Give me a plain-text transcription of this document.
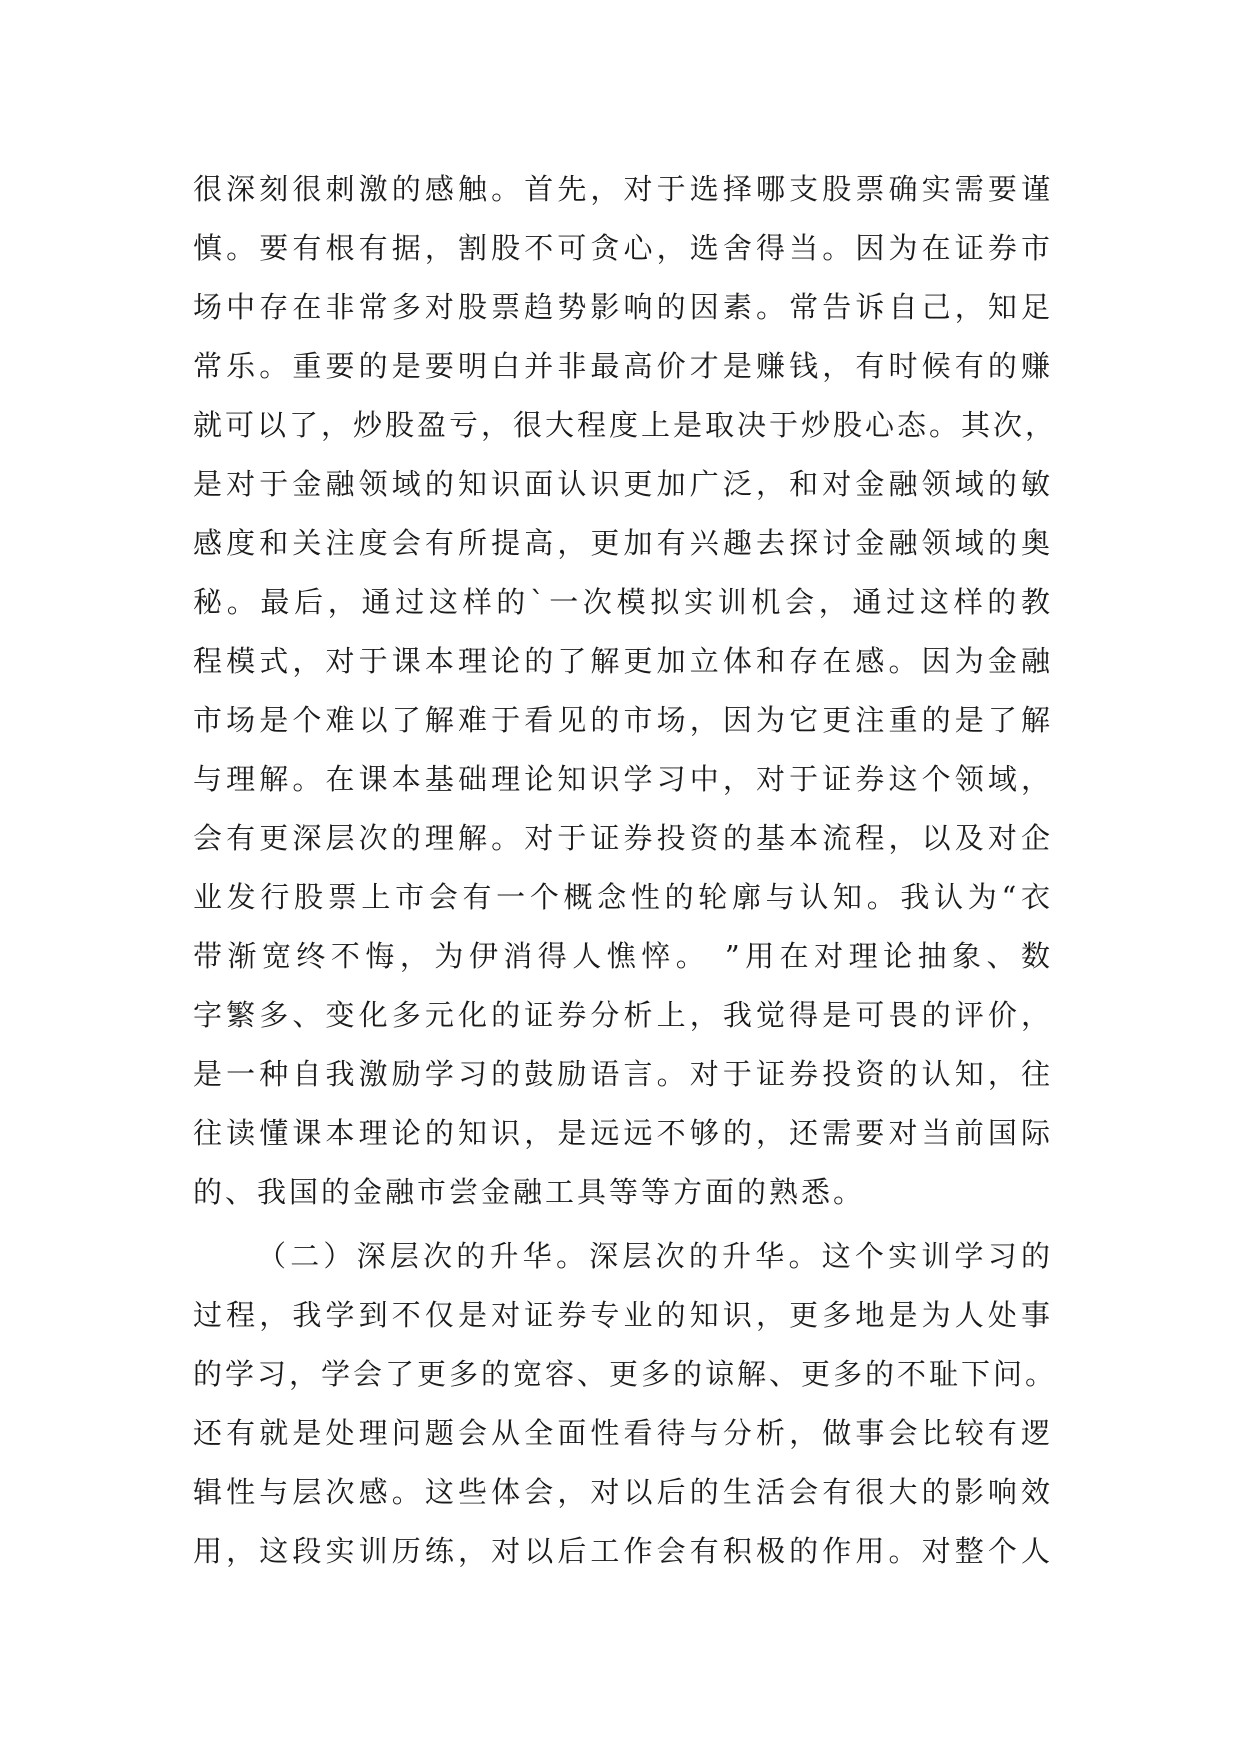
很深刻很刺激的感触。首先，对于选择哪支股票确实需要谨
慎。要有根有据，割股不可贪心，选舍得当。因为在证券市
场中存在非常多对股票趋势影响的因素。常告诉自己，知足
常乐。重要的是要明白并非最高价才是赚钱，有时候有的赚
就可以了，炒股盈亏，很大程度上是取决于炒股心态。其次，
是对于金融领域的知识面认识更加广泛，和对金融领域的敏
感度和关注度会有所提高，更加有兴趣去探讨金融领域的奥
秘。最后，通过这样的`一次模拟实训机会，通过这样的教
程模式，对于课本理论的了解更加立体和存在感。因为金融
市场是个难以了解难于看见的市场，因为它更注重的是了解
与理解。在课本基础理论知识学习中，对于证券这个领域，
会有更深层次的理解。对于证券投资的基本流程，以及对企
业发行股票上市会有一个概念性的轮廓与认知。我认为“衣
带渐宽终不悔，为伊消得人憔悴。 ”用在对理论抽象、数
字繁多、变化多元化的证券分析上，我觉得是可畏的评价，
是一种自我激励学习的鼓励语言。对于证券投资的认知，往
往读懂课本理论的知识，是远远不够的，还需要对当前国际
的、我国的金融市尝金融工具等等方面的熟悉。
（二）深层次的升华。深层次的升华。这个实训学习的
过程，我学到不仅是对证券专业的知识，更多地是为人处事
的学习，学会了更多的宽容、更多的谅解、更多的不耻下问。
还有就是处理问题会从全面性看待与分析，做事会比较有逻
辑性与层次感。这些体会，对以后的生活会有很大的影响效
用，这段实训历练，对以后工作会有积极的作用。对整个人
